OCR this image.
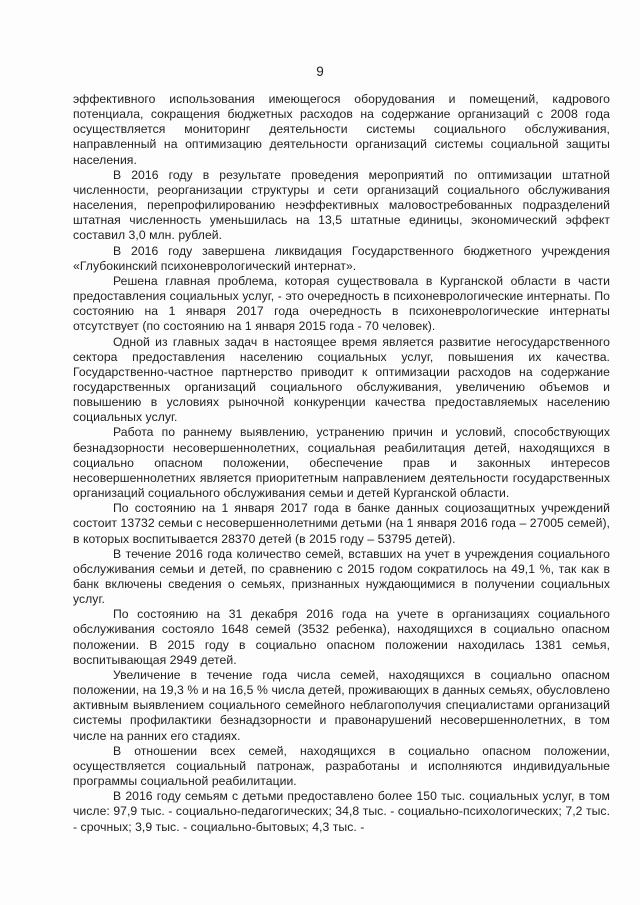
9

эффективного использования имеющегося оборудования и помещений, кадрового потенциала, сокращения бюджетных расходов на содержание организаций с 2008 года осуществляется мониторинг деятельности системы социального обслуживания, направленный на оптимизацию деятельности организаций системы социальной защиты населения.

В 2016 году в результате проведения мероприятий по оптимизации штатной численности, реорганизации структуры и сети организаций социального обслуживания населения, перепрофилированию неэффективных маловостребованных подразделений штатная численность уменьшилась на 13,5 штатные единицы, экономический эффект составил 3,0 млн. рублей.

В 2016 году завершена ликвидация Государственного бюджетного учреждения «Глубокинский психоневрологический интернат».

Решена главная проблема, которая существовала в Курганской области в части предоставления социальных услуг, - это очередность в психоневрологические интернаты. По состоянию на 1 января 2017 года очередность в психоневрологические интернаты отсутствует (по состоянию на 1 января 2015 года - 70 человек).

Одной из главных задач в настоящее время является развитие негосударственного сектора предоставления населению социальных услуг, повышения их качества. Государственно-частное партнерство приводит к оптимизации расходов на содержание государственных организаций социального обслуживания, увеличению объемов и повышению в условиях рыночной конкуренции качества предоставляемых населению социальных услуг.

Работа по раннему выявлению, устранению причин и условий, способствующих безнадзорности несовершеннолетних, социальная реабилитация детей, находящихся в социально опасном положении, обеспечение прав и законных интересов несовершеннолетних является приоритетным направлением деятельности государственных организаций социального обслуживания семьи и детей Курганской области.

По состоянию на 1 января 2017 года в банке данных социозащитных учреждений состоит 13732 семьи с несовершеннолетними детьми (на 1 января 2016 года – 27005 семей), в которых воспитывается 28370 детей (в 2015 году – 53795 детей).

В течение 2016 года количество семей, вставших на учет в учреждения социального обслуживания семьи и детей, по сравнению с 2015 годом сократилось на 49,1 %, так как в банк включены сведения о семьях, признанных нуждающимися в получении социальных услуг.

По состоянию на 31 декабря 2016 года на учете в организациях социального обслуживания состояло 1648 семей (3532 ребенка), находящихся в социально опасном положении. В 2015 году в социально опасном положении находилась 1381 семья, воспитывающая 2949 детей.

Увеличение в течение года числа семей, находящихся в социально опасном положении, на 19,3 % и на 16,5 % числа детей, проживающих в данных семьях, обусловлено активным выявлением социального семейного неблагополучия специалистами организаций системы профилактики безнадзорности и правонарушений несовершеннолетних, в том числе на ранних его стадиях.

В отношении всех семей, находящихся в социально опасном положении, осуществляется социальный патронаж, разработаны и исполняются индивидуальные программы социальной реабилитации.

В 2016 году семьям с детьми предоставлено более 150 тыс. социальных услуг, в том числе: 97,9 тыс. - социально-педагогических; 34,8 тыс. - социально-психологических; 7,2 тыс. - срочных; 3,9 тыс. - социально-бытовых; 4,3 тыс. -
